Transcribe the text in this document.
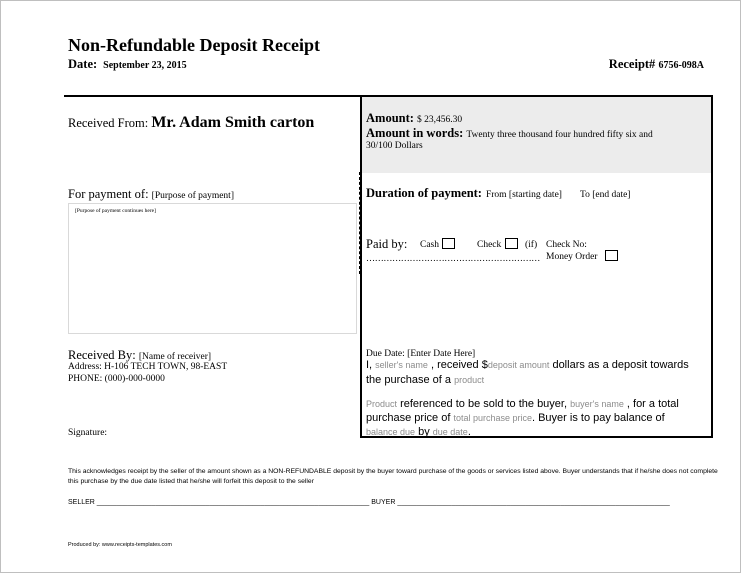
Non-Refundable Deposit Receipt
Date: September 23, 2015	Receipt# 6756-098A
Received From: Mr. Adam Smith carton	Amount: $ 23,456.30
Amount in words: Twenty three thousand four hundred fifty six and
30/100 Dollars
For payment of: [Purpose of payment]
[Purpose of payment continues here]
Duration of payment: From [starting date] To [end date]
Paid by: Cash	Check (if) Check No:
…………………………………………………… Money Order
Received By: [Name of receiver]
Address: H-106 TECH TOWN, 98-EAST
PHONE: (000)-000-0000
Signature:
Due Date: [Enter Date Here]
I, seller's name , received $deposit amount dollars as a deposit towards
the purchase of a product
Product referenced to be sold to the buyer, buyer's name , for a total
purchase price of total purchase price. Buyer is to pay balance of
balance due by due date.
This acknowledges receipt by the seller of the amount shown as a NON-REFUNDABLE deposit by the buyer toward purchase of the goods or services listed above. Buyer understands that if he/she does not complete this purchase by the due date listed that he/she will forfeit this deposit to the seller
SELLER ______________________________________________________________________ BUYER ______________________________________________________________________
Produced by: www.receipts-templates.com
